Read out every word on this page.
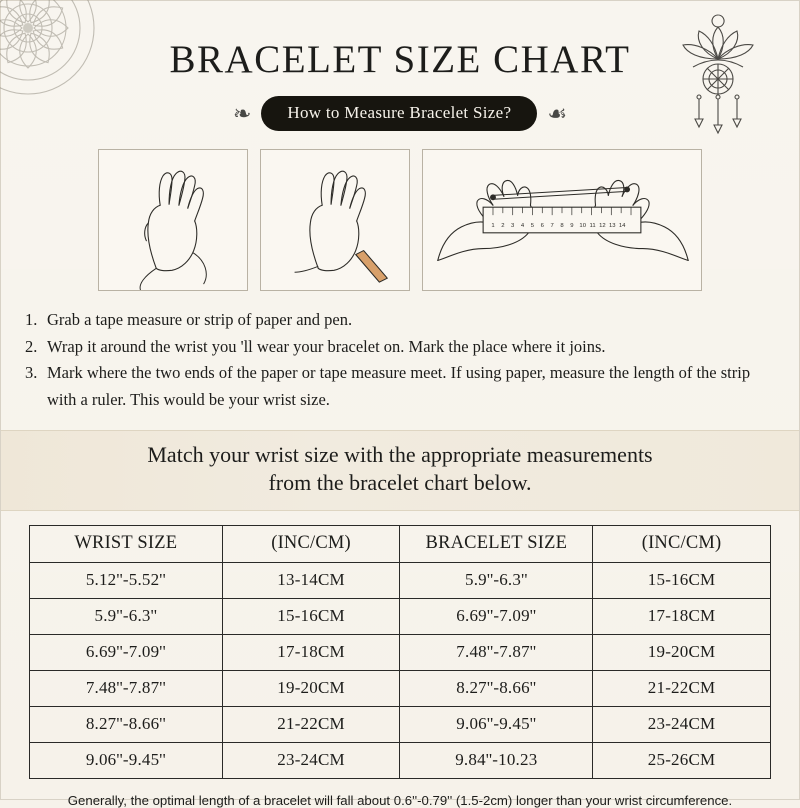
BRACELET SIZE CHART
❧	How to Measure Bracelet Size?	☙
1 2 3 4 5 6 7 8 9 10 11 12 13 14
1. Grab a tape measure or strip of paper and pen.
2. Wrap it around the wrist you 'll wear your bracelet on. Mark the place where it joins.
3. Mark where the two ends of the paper or tape measure meet. If using paper, measure the length of the strip with a ruler. This would be your wrist size.
Match your wrist size with the appropriate measurements
from the bracelet chart below.
WRIST SIZE	(INC/CM)	BRACELET SIZE	(INC/CM)
5.12''-5.52''	13-14CM	5.9''-6.3''	15-16CM
5.9''-6.3''	15-16CM	6.69''-7.09''	17-18CM
6.69''-7.09''	17-18CM	7.48''-7.87''	19-20CM
7.48''-7.87''	19-20CM	8.27''-8.66''	21-22CM
8.27''-8.66''	21-22CM	9.06''-9.45''	23-24CM
9.06''-9.45''	23-24CM	9.84''-10.23	25-26CM
Generally, the optimal length of a bracelet will fall about 0.6''-0.79'' (1.5-2cm) longer than your wrist circumference.
